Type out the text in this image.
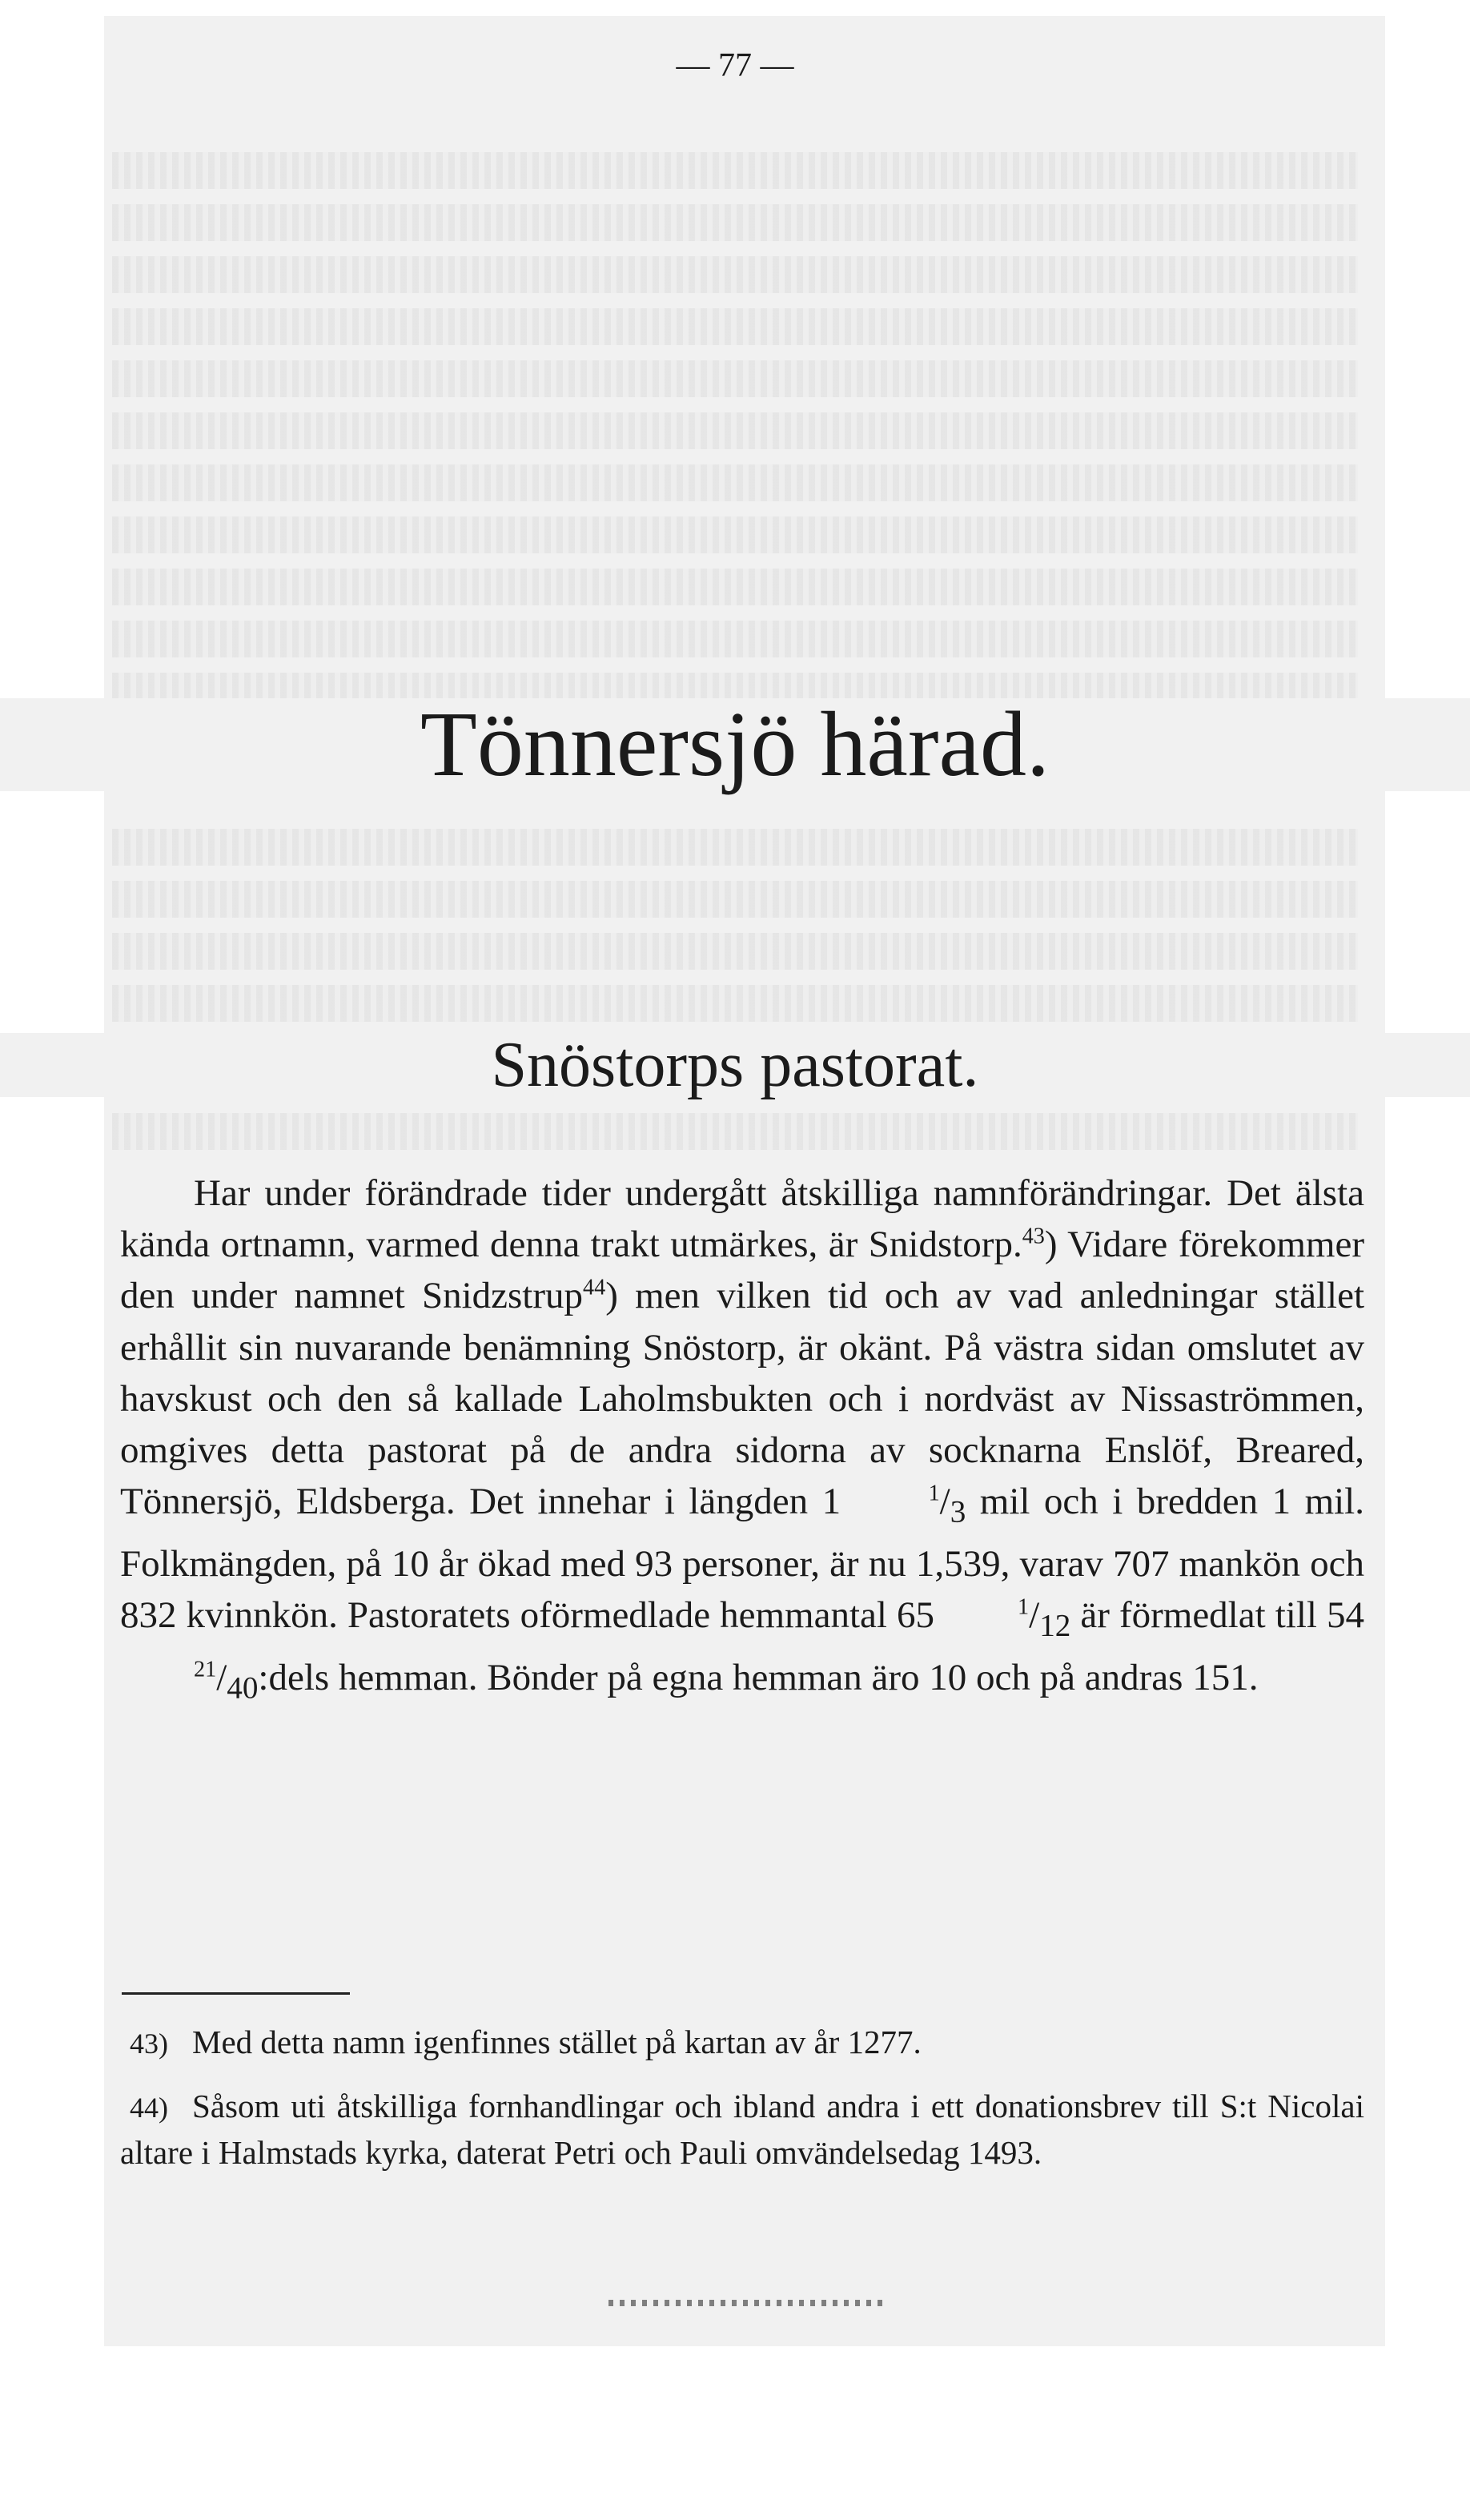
— 77 —
Tönnersjö härad.
Snöstorps pastorat.

Har under förändrade tider undergått åtskilliga namnförändringar. Det älsta kända ortnamn, varmed denna trakt utmärkes, är Snidstorp.$^{43}$) Vidare förekommer den under namnet Snidzstrup$^{44}$) men vilken tid och av vad anledningar stället erhållit sin nuvarande benämning Snöstorp, är okänt. På västra sidan omslutet av havskust och den så kallade Laholmsbukten och i nordväst av Nissaströmmen, omgives detta pastorat på de andra sidorna av socknarna Enslöf, Breared, Tönnersjö, Eldsberga. Det innehar i längden 1	$^1/_3$ mil och i bredden 1 mil. Folkmängden, på 10 år ökad med 93 personer, är nu 1,539, varav 707 mankön och 832 kvinnkön. Pastoratets oförmedlade hemmantal 65	$^1/_{12}$ är förmedlat till 54 $^{21}/_{40}:dels$ hemman. Bönder på egna hemman äro 10 och på andras 151.

43) Med detta namn igenfinnes stället på kartan av år 1277.

44) Såsom uti åtskilliga fornhandlingar och ibland andra i ett donationsbrev till S:t Nicolai altare i Halmstads kyrka, daterat Petri och Pauli omvändelsedag 1493.
